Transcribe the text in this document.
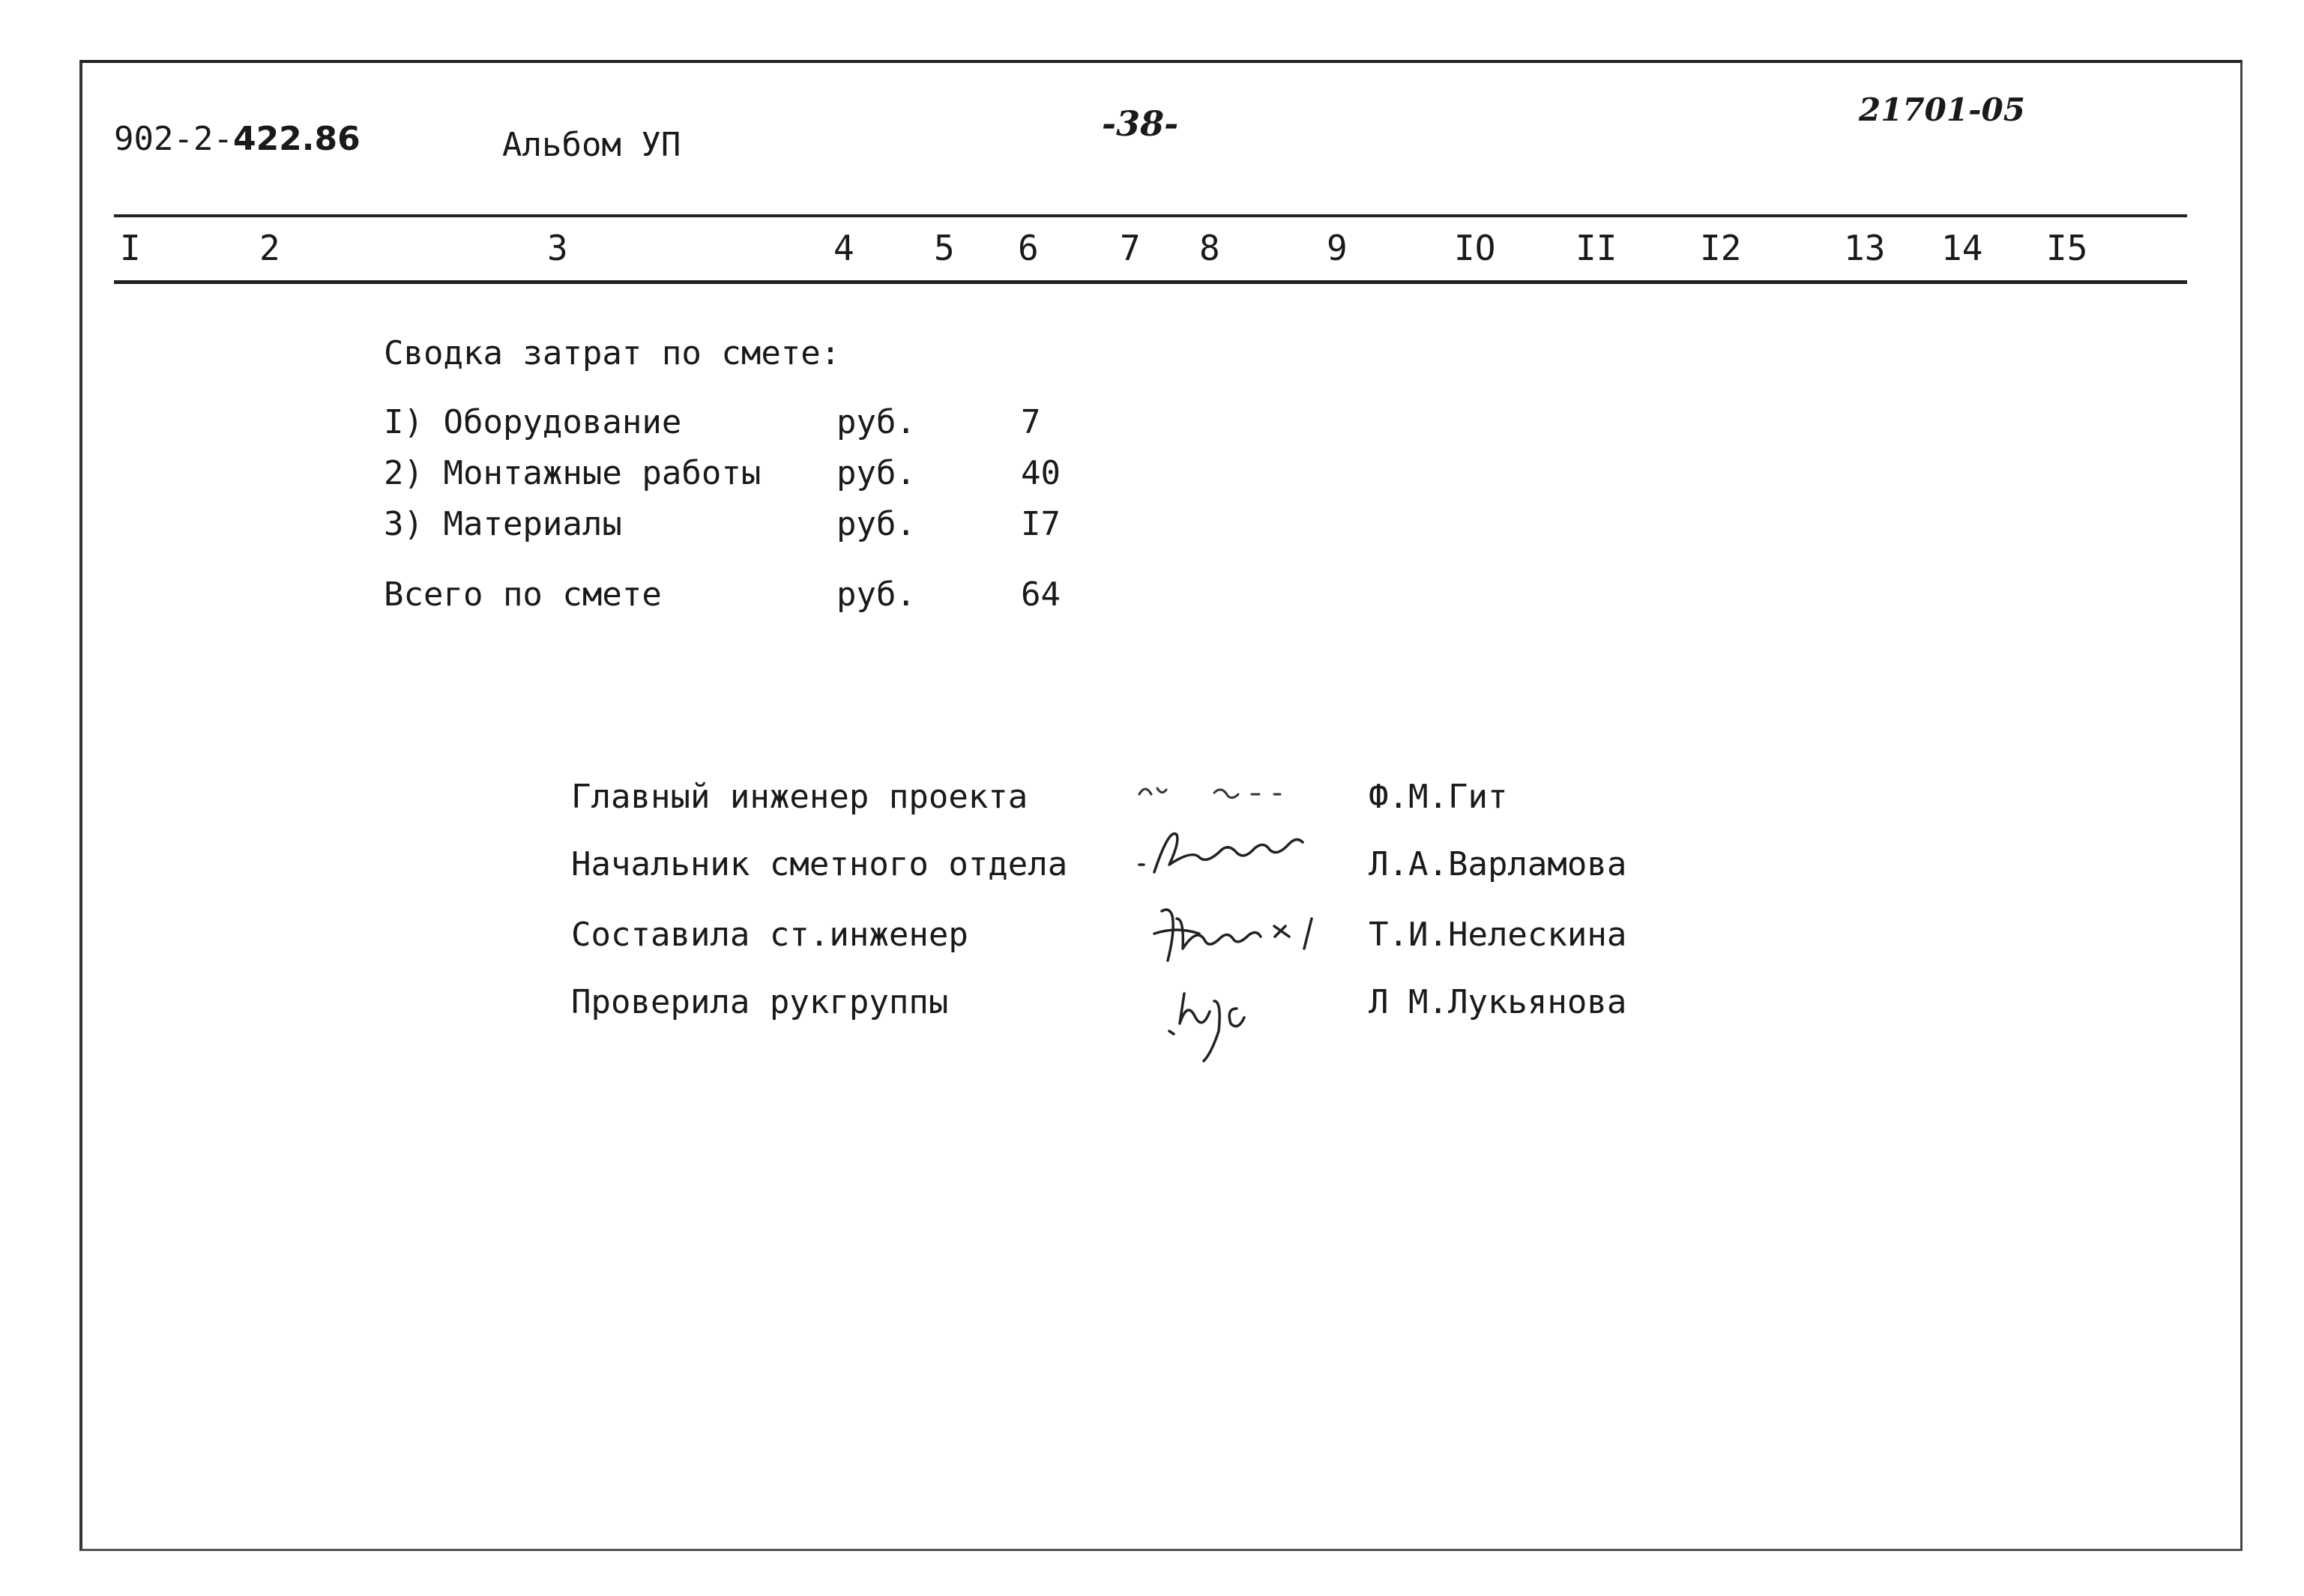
902-2-422.86	Альбом УП
-38-	21701-05
I	2	3	4 5 6 7 8	9	IO II I2	13 14 I5
Сводка затрат по смете:
I) Оборудование	руб.	7
2) Монтажные работы руб.	40
3) Материалы	руб.	I7
Всего по смете	руб.	64
Главный инженер проекта	Ф.М.Гит
Начальник сметного отдела	Л.А.Варламова
Составила ст.инженер	Т.И.Нелескина
Проверила рукгруппы	Л М.Лукьянова
